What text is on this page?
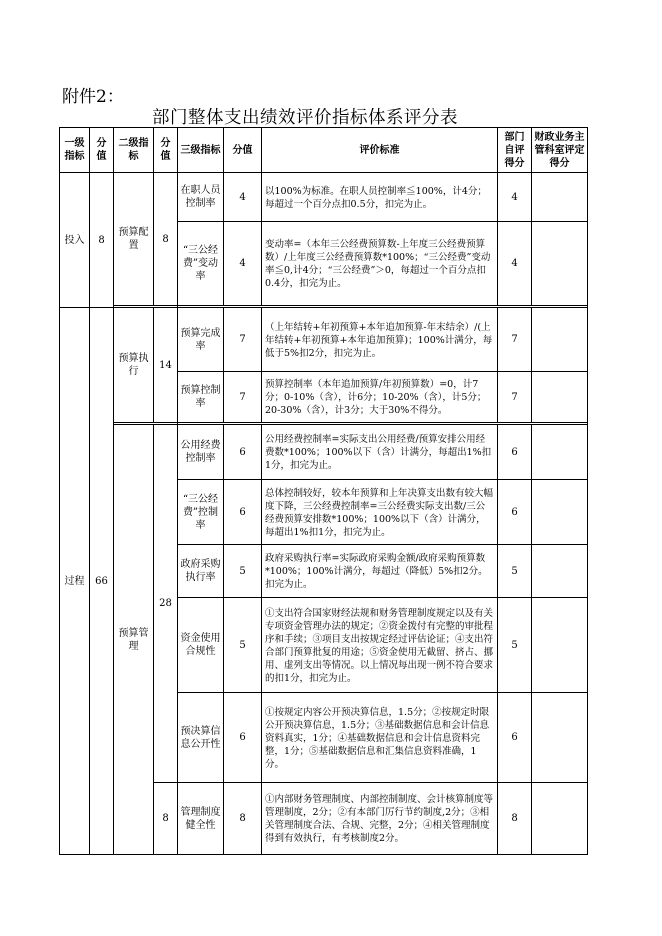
附件2：
部门整体支出绩效评价指标体系评分表
一级指标	分值	二级指标	分值	三级指标	分值	评价标准	部门自评得分	财政业务主管科室评定得分
投入	8	预算配置	8	在职人员控制率	4	以100%为标准。在职人员控制率≦100%，计4分；每超过一个百分点扣0.5分，扣完为止。	4	
				“三公经费”变动率	4	变动率=（本年三公经费预算数-上年度三公经费预算数）/上年度三公经费预算数*100%；“三公经费”变动率≦0,计4分；“三公经费”＞0，每超过一个百分点扣0.4分，扣完为止。	4	

过程	66	预算执行	14	预算完成率	7	（上年结转+年初预算+本年追加预算-年末结余）/(上年结转+年初预算+本年追加预算)；100%计满分，每低于5%扣2分，扣完为止。	7	
				预算控制率	7	预算控制率（本年追加预算/年初预算数）=0，计7分；0-10%（含），计6分；10-20%（含），计5分；20-30%（含），计3分；大于30%不得分。	7	

		预算管理	28	公用经费控制率	6	公用经费控制率=实际支出公用经费/预算安排公用经费数*100%；100%以下（含）计满分，每超出1%扣1分，扣完为止。	6	
				“三公经费”控制率	6	总体控制较好，较本年预算和上年决算支出数有较大幅度下降，三公经费控制率=三公经费实际支出数/三公经费预算安排数*100%；100%以下（含）计满分，每超出1%扣1分，扣完为止。	6	
				政府采购执行率	5	政府采购执行率=实际政府采购金额/政府采购预算数*100%；100%计满分，每超过（降低）5%扣2分。扣完为止。	5	
				资金使用合规性	5	①支出符合国家财经法规和财务管理制度规定以及有关专项资金管理办法的规定；②资金拨付有完整的审批程序和手续；③项目支出按规定经过评估论证；④支出符合部门预算批复的用途；⑤资金使用无截留、挤占、挪用、虚列支出等情况。以上情况每出现一例不符合要求的扣1分，扣完为止。	5	
				预决算信息公开性	6	①按规定内容公开预决算信息，1.5分；②按规定时限公开预决算信息，1.5分；③基础数据信息和会计信息资料真实，1分；④基础数据信息和会计信息资料完整，1分；⑤基础数据信息和汇集信息资料准确，1分。	6	
			8	管理制度健全性	8	①内部财务管理制度、内部控制制度、会计核算制度等管理制度，2分；②有本部门厉行节约制度,2分；③相关管理制度合法、合规、完整，2分；④相关管理制度得到有效执行，有考核制度2分。	8	
